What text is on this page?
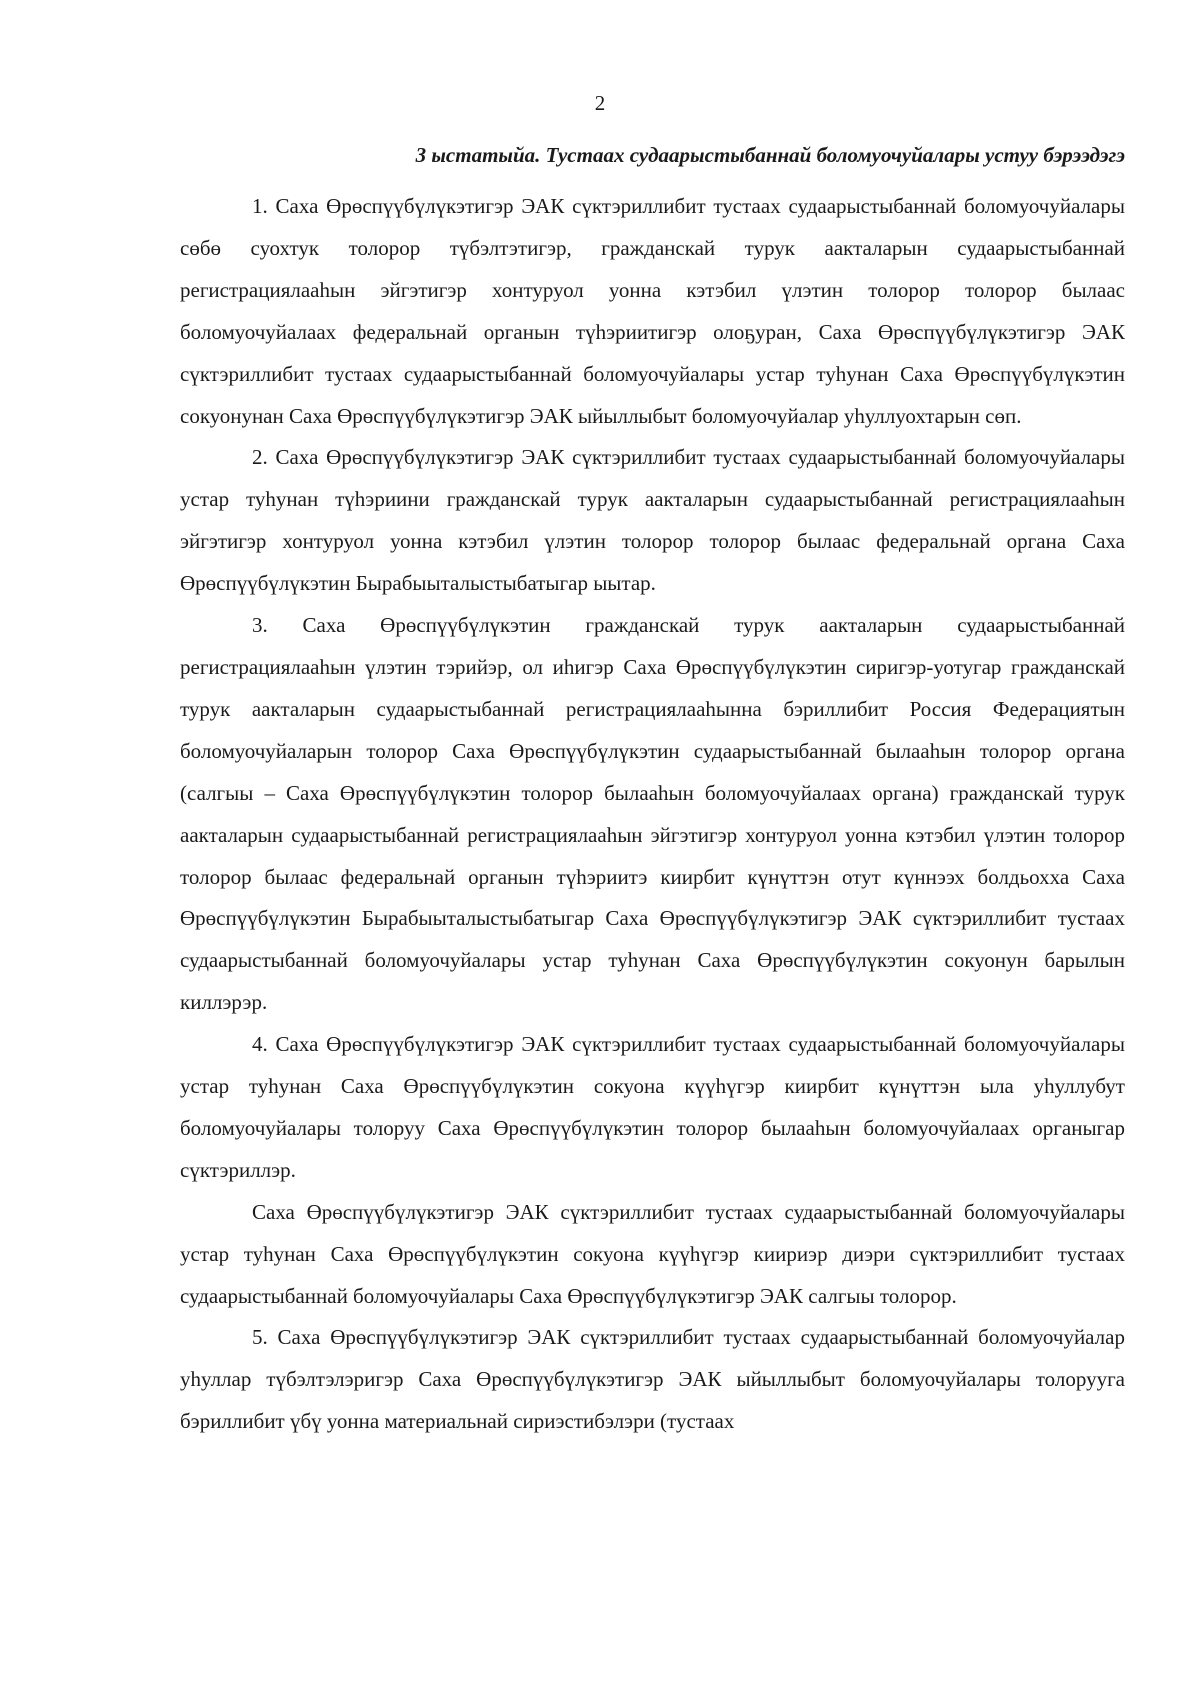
2
3 ыстатыйа. Тустаах судаарыстыбаннай боломуочуйалары устуу бэрээдэгэ

1. Саха Өрөспүүбүлүкэтигэр ЭАК сүктэриллибит тустаах судаарыстыбаннай боломуочуйалары сөбө суохтук толорор түбэлтэтигэр, гражданскай турук аакталарын судаарыстыбаннай регистрациялааһын эйгэтигэр хонтуруол уонна кэтэбил үлэтин толорор толорор былаас боломуочуйалаах федеральнай органын түһэриитигэр олоҕуран, Саха Өрөспүүбүлүкэтигэр ЭАК сүктэриллибит тустаах судаарыстыбаннай боломуочуйалары устар туһунан Саха Өрөспүүбүлүкэтин сокуонунан Саха Өрөспүүбүлүкэтигэр ЭАК ыйыллыбыт боломуочуйалар уһуллуохтарын сөп.

2. Саха Өрөспүүбүлүкэтигэр ЭАК сүктэриллибит тустаах судаарыстыбаннай боломуочуйалары устар туһунан түһэриини гражданскай турук аакталарын судаарыстыбаннай регистрациялааһын эйгэтигэр хонтуруол уонна кэтэбил үлэтин толорор толорор былаас федеральнай органа Саха Өрөспүүбүлүкэтин Бырабыыталыстыбатыгар ыытар.

3. Саха Өрөспүүбүлүкэтин гражданскай турук аакталарын судаарыстыбаннай регистрациялааһын үлэтин тэрийэр, ол иһигэр Саха Өрөспүүбүлүкэтин сиригэр-уотугар гражданскай турук аакталарын судаарыстыбаннай регистрациялааһынна бэриллибит Россия Федерациятын боломуочуйаларын толорор Саха Өрөспүүбүлүкэтин судаарыстыбаннай былааһын толорор органа (салгыы – Саха Өрөспүүбүлүкэтин толорор былааһын боломуочуйалаах органа) гражданскай турук аакталарын судаарыстыбаннай регистрациялааһын эйгэтигэр хонтуруол уонна кэтэбил үлэтин толорор толорор былаас федеральнай органын түһэриитэ киирбит күнүттэн отут күннээх болдьохха Саха Өрөспүүбүлүкэтин Бырабыыталыстыбатыгар Саха Өрөспүүбүлүкэтигэр ЭАК сүктэриллибит тустаах судаарыстыбаннай боломуочуйалары устар туһунан Саха Өрөспүүбүлүкэтин сокуонун барылын киллэрэр.

4. Саха Өрөспүүбүлүкэтигэр ЭАК сүктэриллибит тустаах судаарыстыбаннай боломуочуйалары устар туһунан Саха Өрөспүүбүлүкэтин сокуона күүһүгэр киирбит күнүттэн ыла уһуллубут боломуочуйалары толоруу Саха Өрөспүүбүлүкэтин толорор былааһын боломуочуйалаах органыгар сүктэриллэр.

Саха Өрөспүүбүлүкэтигэр ЭАК сүктэриллибит тустаах судаарыстыбаннай боломуочуйалары устар туһунан Саха Өрөспүүбүлүкэтин сокуона күүһүгэр киириэр диэри сүктэриллибит тустаах судаарыстыбаннай боломуочуйалары Саха Өрөспүүбүлүкэтигэр ЭАК салгыы толорор.

5. Саха Өрөспүүбүлүкэтигэр ЭАК сүктэриллибит тустаах судаарыстыбаннай боломуочуйалар уһуллар түбэлтэлэригэр Саха Өрөспүүбүлүкэтигэр ЭАК ыйыллыбыт боломуочуйалары толорууга бэриллибит үбү уонна материальнай сириэстибэлэри (тустаах
